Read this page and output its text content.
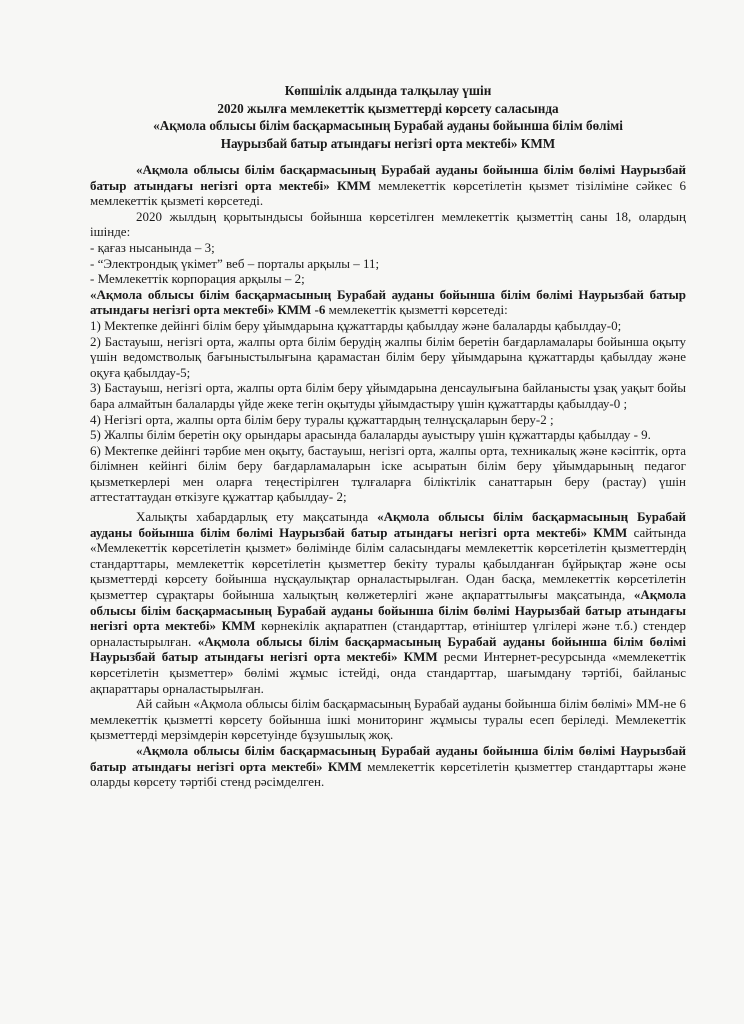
Көпшілік алдында талқылау үшін
2020 жылға мемлекеттік қызметтерді көрсету саласында
«Ақмола облысы білім басқармасының Бурабай ауданы бойынша білім бөлімі
Наурызбай батыр атындағы негізгі орта мектебі» КММ

«Ақмола облысы білім басқармасының Бурабай ауданы бойынша білім бөлімі Наурызбай батыр атындағы негізгі орта мектебі» КММ мемлекеттік көрсетілетін қызмет тізіліміне сәйкес 6 мемлекеттік қызметі көрсетеді.

2020 жылдың қорытындысы бойынша көрсетілген мемлекеттік қызметтің саны 18, олардың ішінде:

- қағаз нысанында – 3;
- “Электрондық үкімет” веб – порталы арқылы – 11;
- Мемлекеттік корпорация арқылы – 2;

«Ақмола облысы білім басқармасының Бурабай ауданы бойынша білім бөлімі Наурызбай батыр атындағы негізгі орта мектебі» КММ -6 мемлекеттік қызметті көрсетеді:

1) Мектепке дейінгі білім беру ұйымдарына құжаттарды қабылдау және балаларды қабылдау-0;

2) Бастауыш, негізгі орта, жалпы орта білім берудің жалпы білім беретін бағдарламалары бойынша оқыту үшін ведомстволық бағыныстылығына қарамастан білім беру ұйымдарына құжаттарды қабылдау және оқуға қабылдау-5;

3) Бастауыш, негізгі орта, жалпы орта білім беру ұйымдарына денсаулығына байланысты ұзақ уақыт бойы бара алмайтын балаларды үйде жеке тегін оқытуды ұйымдастыру үшін құжаттарды қабылдау-0 ;

4) Негізгі орта, жалпы орта білім беру туралы құжаттардың телнұсқаларын беру-2 ;

5) Жалпы білім беретін оқу орындары арасында балаларды ауыстыру үшін құжаттарды қабылдау - 9.

6) Мектепке дейінгі тәрбие мен оқыту, бастауыш, негізгі орта, жалпы орта, техникалық және кәсіптік, орта білімнен кейінгі білім беру бағдарламаларын іске асыратын білім беру ұйымдарының педагог қызметкерлері мен оларға теңестірілген тұлғаларға біліктілік санаттарын беру (растау) үшін аттестаттаудан өткізуге құжаттар қабылдау- 2;

Халықты хабардарлық ету мақсатында «Ақмола облысы білім басқармасының Бурабай ауданы бойынша білім бөлімі Наурызбай батыр атындағы негізгі орта мектебі» КММ сайтында «Мемлекеттік көрсетілетін қызмет» бөлімінде білім саласындағы мемлекеттік көрсетілетін қызметтердің стандарттары, мемлекеттік көрсетілетін қызметтер бекіту туралы қабылданған бұйрықтар және осы қызметтерді көрсету бойынша нұсқаулықтар орналастырылған. Одан басқа, мемлекеттік көрсетілетін қызметтер сұрақтары бойынша халықтың көлжетерлігі және ақпараттылығы мақсатында, «Ақмола облысы білім басқармасының Бурабай ауданы бойынша білім бөлімі Наурызбай батыр атындағы негізгі орта мектебі» КММ көрнекілік ақпаратпен (стандарттар, өтініштер үлгілері және т.б.) стендер орналастырылған. «Ақмола облысы білім басқармасының Бурабай ауданы бойынша білім бөлімі Наурызбай батыр атындағы негізгі орта мектебі» КММ ресми Интернет-ресурсында «мемлекеттік көрсетілетін қызметтер» бөлімі жұмыс істейді, онда стандарттар, шағымдану тәртібі, байланыс ақпараттары орналастырылған.

Ай сайын «Ақмола облысы білім басқармасының Бурабай ауданы бойынша білім бөлімі» ММ-не 6 мемлекеттік қызметті көрсету бойынша ішкі мониторинг жұмысы туралы есеп беріледі. Мемлекеттік қызметтерді мерзімдерін көрсетуінде бұзушылық жоқ.

«Ақмола облысы білім басқармасының Бурабай ауданы бойынша білім бөлімі Наурызбай батыр атындағы негізгі орта мектебі» КММ мемлекеттік көрсетілетін қызметтер стандарттары және оларды көрсету тәртібі стенд рәсімделген.
